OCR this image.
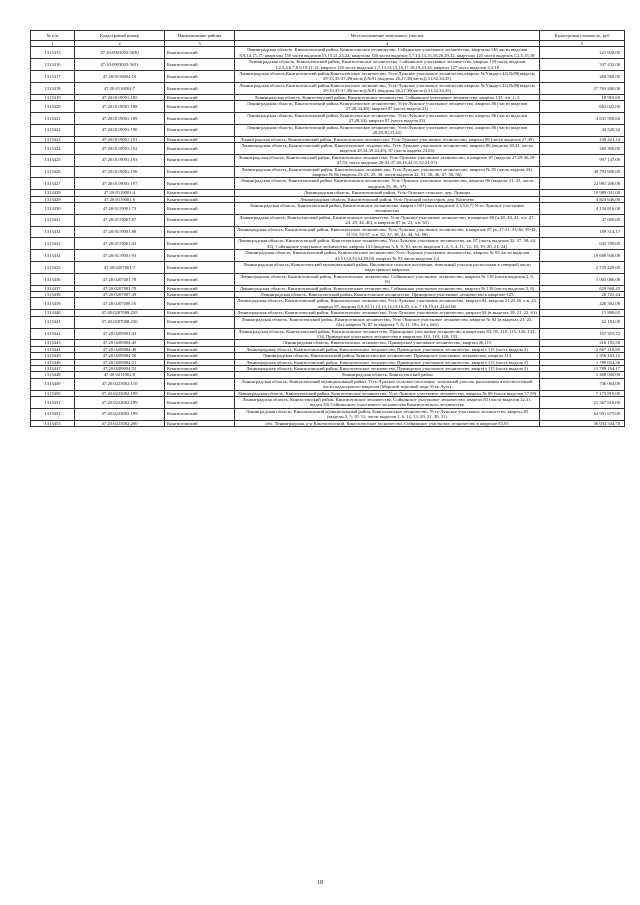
№ п/п	Кадастровый номер	Наименование района	Местоположение земельного участка	Кадастровая стоимость, руб
1	2	3	4	5
1313415	47:20:0903003:5630	Кингисеппский	Ленинградская область, Кингисеппский район, Кингисеппское лесничество, Сойкинское участковое лесничество, кварталы 146 части выделов 8,9,14,15,17; кварталы 150 части выделов 13,15,21,23,24; кварталы 126 части выделов 5,7,13,14,15,16,20,29,32, кварталы 125 части выделов 1,2,5,15,18	221 928,00
1313416	47:20:0903003:5631	Кингисеппский	Ленинградская область, Кингисеппский район, Кингисеппское лесничество, Сойкинское участковое лесничество, квартал 119 часть выделов 1,2,3,4,6,7,8,9,10,11,14, квартал 120 часть выделов 2,7,13,14,15,16,17,18,19,23,24, квартал 127 часть выделов 2,3,18	337 232,00
1313417	47:20:0116004:10	Кингисеппский	Ленинградская область,Кингисеппский район,Кингисеппское лесничество, Усть-Лужское участковое лесничество,квартал №7(выдел 42),№89(выделы 29-33,35-37,39(часть)),№91 (выделы 26,27,30(часть)),31,32,34,35)	266 560,00
1313418	47:20:0116004:7	Кингисеппский	Ленинградская область,Кингисеппский район,Кингисеппское лесничество, Усть-Лужское участковое лесничество,квартал №7(выдел 42),№89(выделы 29-33,35-37,39(часть)),№91 (выделы 26,27,30(часть)),31,32,34,35)	27 763 200,00
1313419	47:20:0119001:185	Кингисеппский	Ленинградская область, Кингисеппский район, Кингисеппское лесничество, Сойкинское участковое лесничество, квартал 133, ч.в. 1, 2	18 965,60
1313420	47:20:0119001:188	Кингисеппский	Ленинградская область, Кингисеппский район, Кингисеппское лесничество, Усть-Лужское участковое лесничество, квартал 86 (части выделов 27,28,34,40), квартал 87 (часть выдела 23)	662 025,00
1313421	47:20:0119001:189	Кингисеппский	Ленинградская область, Кингисеппский район, Кингисеппское лесничество, Усть-Лужское участковое лесничество, квартал 86 (части выделов 27,28,34), квартал 87 (часть выдела 23)	4 631 958,60
1313422	47:20:0119001:190	Кингисеппский	Ленинградская область, Кингисеппский район, Кингисеппское лесничество, Усть-Лужское участковое лесничество, квартал 86 (части выделов 28,29,30,31,42)	43 520,32
1313423	47:20:0119001:191	Кингисеппский	Ленинградская область, Кингисеппский район, Кингисеппское лесничество, Усть-Лужское участковое лесничество, квартал 86 (части выделов 27,40)	238 421,14
1313424	47:20:0119001:192	Кингисеппский	Ленинградская область, Кингисеппский район, Кингисеппское лесничество, Усть-Лужское участковое лесничество, квартал 86 (выделы 40,41, части выделов 28,34,39,44,45), 87 (часть выдела 23,65)	265 300,00
1313425	47:20:0119001:193	Кингисеппский	Ленинградская область, Кингисеппский район, Кингисеппское лесничество, Усть-Лужское участковое лесничество, в квартале 87 (выделы 27,29-36,39-47,53, часть выделов 28-32,37,38,43,44,51,52,54-57)	997 147,00
1313426	47:20:0119001:196	Кингисеппский	Ленинградская область, Кингисеппский район, Кингисеппское лесничество, Усть-Лужское участковое лесничество, квартал № 85 (часть выдела 43), квартал № 86 (выделы 23-25, 29, 30, части выделов 22, 51, 58, 46, 47, 50, 56)	49 792 600,00
1313427	47:20:0119001:197	Кингисеппский	Ленинградская область, Кингисеппский район, Кингисеппское лесничество, Усть-Лужское участковое лесничество, квартал 86 (выделы 31, 45, части выделов 35, 36, 37)	22 981 200,00
1313428	47:20:0119001:4	Кингисеппский	Ленинградская область, Кингисеппский район, Усть-Лужское сельское, дер. Лужицы	10 989 041,00
1313429	47:20:0119001:6	Кингисеппский	Ленинградская область, Кингисеппский район, Усть-Лужский полуостров, дер. Конезево	4 824 646,00
1313430	47:20:0119001:73	Кингисеппский	Ленинградская область, Кингисеппский район, Кингисеппское лесничество, квартал 100 (части выделов 2,3,5,6,7) Усть-Лужское участковое лесничество	4 134 816,00
1313431	47:20:0119001:87	Кингисеппский	Ленинградская область, Кингисеппский район, Кингисеппское лесничество, Усть-Лужское участковое лесничество, в квартале 86 (ч.28, 40, 41, ч.в. 27, 24, 29, 44, 46), в квартале 87 (в. 23, ч.в. 65)	47 000,00
1313432	47:20:0119001:88	Кингисеппский	Ленинградская область, Кингисеппский район, Кингисеппское лесничество, Усть-Лужское участковое лесничество, в квартале 87 (в. 27-31, 33-36, 39-42, 51-53, 55-57, ч.в. 32, 37, 38, 43, 44, 54, 58)	189 314,17
1313433	47:20:0119001:92	Кингисеппский	Ленинградская область, Кингисеппский район, Кингисеппское лесничество, Усть-Лужское участковое лесничество, кв. 87 (часть выделов 32, 37, 38, 44, 45), Сойкинское участковое лесничество, квартал 133 (выделы 3, 6, 9, 10, часть выделов 1, 2, 3, 4, 11, 12, 18, 19, 20, 21, 24)	643 700,00
1313434	47:20:0119001:93	Кингисеппский	Ленинградская область, Кингисеппский район, Кингисеппское лесничество, Усть-Лужское участковое лесничество, квартал № 85 части выделов 43,51,52,53,54,59,60, квартал № 93 части выделов 2,4	19 689 940,00
1313435	47:20:0207001:7	Кингисеппский	Ленинградская область, Кингисеппский муниципальный район, Вистинское сельское поселение, земельный участок расположен в северной части кадастрового квартала	2 735 429,00
1313436	47:20:0207001:78	Кингисеппский	Ленинградская область, Кингисеппский район, Кингисеппское лесничество, Сойкинское участковое лесничество, квартал № 138 (части выделов 2, 9, 15)	1 003 086,00
1313437	47:20:0207001:79	Кингисеппский	Ленинградская область, Кингисеппский район, Кингисеппское лесничество, Сойкинское участковое лесничество, квартал № 138 (части выделов 3, 8)	629 568,45
1313438	47:20:0207007:39	Кингисеппский	Ленинградская область, Кингисеппский район, Кингисеппское лесничество, Приморское участковое лесничество в квартале 125	26 725,44
1313439	47:20:0207008:10	Кингисеппский	Ленинградская область, Кингисеппский район, Кингисеппское лесничество, Усть-Лужское участковое лесничество, квартал 84, выделы 21,25,26, ч.в. 22, квартал 87, выделы 8,9,10,11,12,13,14,15,16,20, ч.в. 7,18,19,21,22,61,66	428 502,00
1313440	47:20:0207008:235	Кингисеппский	Ленинградская область, Кингисеппский район, Кингисеппское лесничество, Усть-Лужское участковое лесничество, квартал 84 (в выделах 18, 21, 22, 61)	15 898,65
1313441	47:20:0207008:236	Кингисеппский	Ленинградская область, Кингисеппский район, Кингисеппское лесничество, Усть-Лужское участковое лесничество, квартал № 84 (в выделах 21, 25, 32ч), квартал № 87 (в выделах 7, 8, 11, 18ч, 61ч, 66ч)	62 184,08
1313442	47:20:0209003:43	Кингисеппский	Ленинградская область, Кингисеппский район, Кингисеппское лесничество, Приморское участковое лесничество в кварталах 83, 95, 118, 115, 126, 133, 134, Приморское участковое лесничество в кварталах 113, 119, 120, 133	107 355,72
1313443	47:20:0209004:45	Кингисеппский	Ленинградская область, Кингисеппское лесничество, Приморское участковое лесничество, квартал 26 115	218 183,58
1313444	47:20:0209004:49	Кингисеппский	Ленинградская область, Кингисеппский район, Кингисеппское лесничество, Приморское участковое лесничество, квартал 115 (часть выдела 2)	2 667 416,85
1313445	47:20:0209004:50	Кингисеппский	Ленинградская область, Кингисеппский район, Кингисеппское лесничество, Приморское участковое лесничество, квартал 113	1 356 103,15
1313446	47:20:0209004:51	Кингисеппский	Ленинградская область, Кингисеппский район, Кингисеппское лесничество, Приморское участковое лесничество, квартал 113 (часть выдела 2)	1 789 034,36
1313447	47:20:0209004:52	Кингисеппский	Ленинградская область, Кингисеппский район, Кингисеппское лесничество, Приморское участковое лесничество, квартал 115 (часть выдела 2)	11 789 164,17
1313448	47:20:0211002:8	Кингисеппский	Ленинградская область, Кингисеппский район	1 468 000,00
1313449	47:20:0223002:110	Кингисеппский	Ленинградская область, Кингисеппский муниципальный район, Усть-Лужское сельское поселение, земельный участок расположен в юго-восточной части кадастрового квартала (Морской торговый порт Усть-Луга)	736 064,00
1313450	47:20:0223002:198	Кингисеппский	Ленинградская область, Кингисеппский район, Кингисеппское лесничество, Усть-Лужское участковое лесничество, квартал № 86 (часть выделов 57,59)	7 173 816,00
1313451	47:20:0223002:199	Кингисеппский	Ленинградская область, Кингисеппский район, Кингисеппское лесничество, Сойкинское участковое лесничество, квартал 83 (части выделов 22,31, выдел 33) Сойкинского участкового лесничества Кингисеппского лесничества	21 367 616,00
1313452	47:20:0223002:199	Кингисеппский	Ленинградская область, Кингисеппский муниципальный район, Кингисеппское лесничество, Усть-Лужское участковое лесничество, квартал 85 (выделы 2, 5, 10, 11; части выделов 1, 6, 12, 13, 20, 21, 30, 31)	64 951 675,00
1313453	47:20:0223002:200	Кингисеппский	обл. Ленинградская, р-н Кингисеппский, Кингисеппское лесничество, Сойкинское участковое лесничество в квартале 83,95	36 034 544,70
18
